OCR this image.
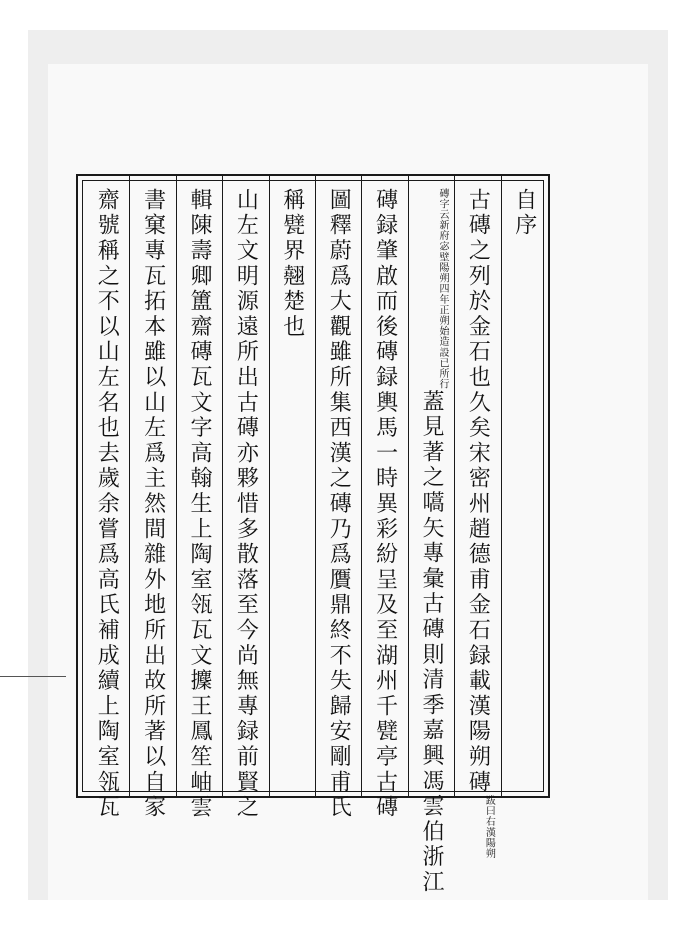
自序
古磚之列於金石也久矣宋密州趙德甫金石録載漢陽朔磚跋曰右漢陽朔
磚字云新府宓壁陽朔四年正朔始造設已所行蓋見著之嚆矢專彙古磚則清季嘉興馮雲伯浙江
磚録肇啟而後磚録輿馬一時異彩紛呈及至湖州千甓亭古磚
圖釋蔚爲大觀雖所集西漢之磚乃爲贋鼎終不失歸安剛甫氏
稱甓界翹楚也
山左文明源遠所出古磚亦夥惜多散落至今尚無專録前賢之
輯陳壽卿簠齋磚瓦文字高翰生上陶室瓴瓦文攈王鳳笙岫雲
書窠專瓦拓本雖以山左爲主然間雜外地所出故所著以自家
齋號稱之不以山左名也去歲余嘗爲高氏補成續上陶室瓴瓦
